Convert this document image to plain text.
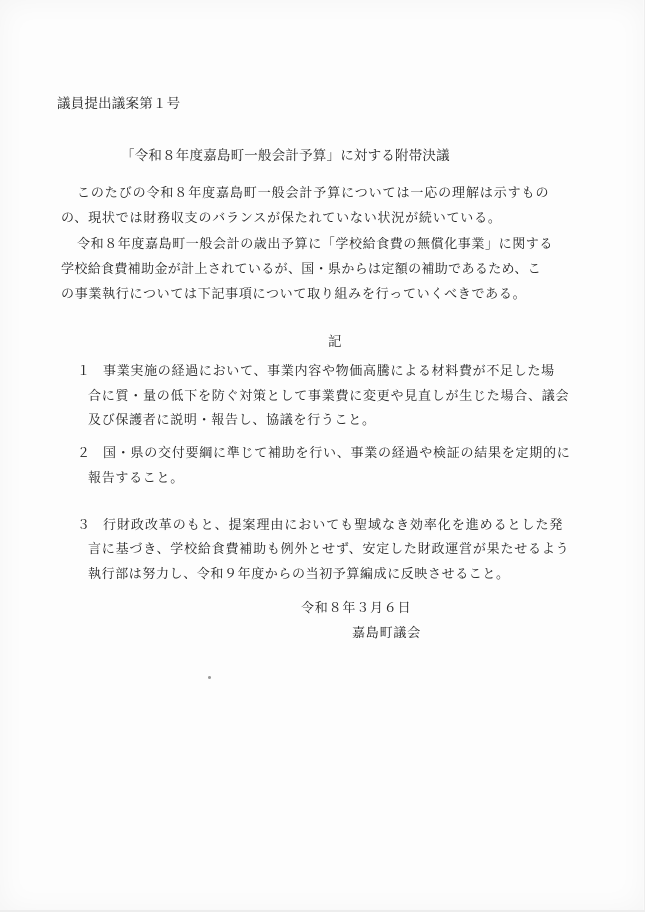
議員提出議案第１号
「令和８年度嘉島町一般会計予算」に対する附帯決議
このたびの令和８年度嘉島町一般会計予算については一応の理解は示すもの
の、現状では財務収支のバランスが保たれていない状況が続いている。
令和８年度嘉島町一般会計の歳出予算に「学校給食費の無償化事業」に関する
学校給食費補助金が計上されているが、国・県からは定額の補助であるため、こ
の事業執行については下記事項について取り組みを行っていくべきである。
記
１ 事業実施の経過において、事業内容や物価高騰による材料費が不足した場
合に質・量の低下を防ぐ対策として事業費に変更や見直しが生じた場合、議会
及び保護者に説明・報告し、協議を行うこと。
２ 国・県の交付要綱に準じて補助を行い、事業の経過や検証の結果を定期的に
報告すること。
３ 行財政改革のもと、提案理由においても聖域なき効率化を進めるとした発
言に基づき、学校給食費補助も例外とせず、安定した財政運営が果たせるよう
執行部は努力し、令和９年度からの当初予算編成に反映させること。
令和８年３月６日
嘉島町議会
